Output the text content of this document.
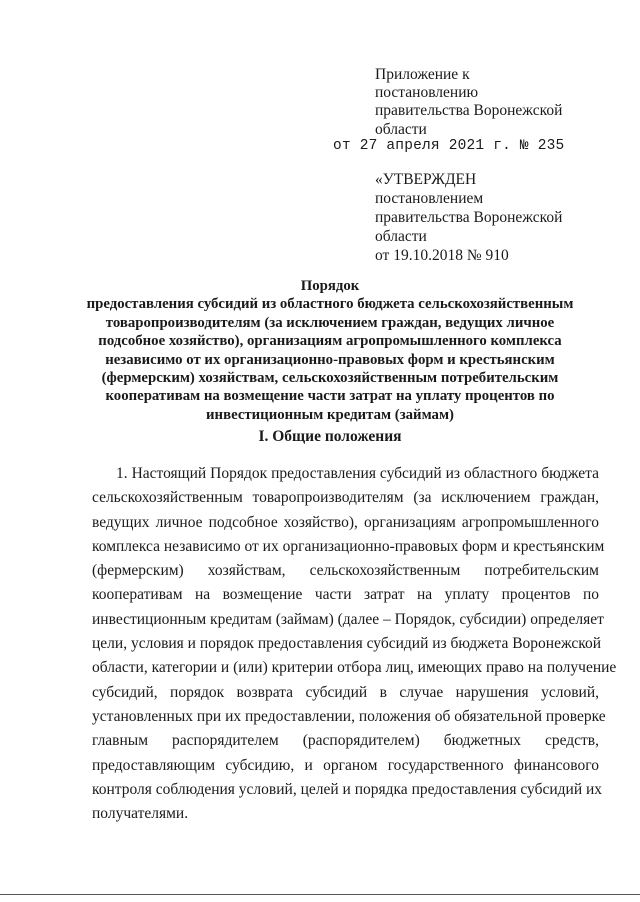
Приложение к
постановлению
правительства Воронежской
области
от 27 апреля 2021 г. № 235
«УТВЕРЖДЕН
постановлением
правительства Воронежской
области
от 19.10.2018 № 910
Порядок
предоставления субсидий из областного бюджета сельскохозяйственным
товаропроизводителям (за исключением граждан, ведущих личное
подсобное хозяйство), организациям агропромышленного комплекса
независимо от их организационно-правовых форм и крестьянским
(фермерским) хозяйствам, сельскохозяйственным потребительским
кооперативам на возмещение части затрат на уплату процентов по
инвестиционным кредитам (займам)
I. Общие положения
1. Настоящий Порядок предоставления субсидий из областного бюджета
сельскохозяйственным товаропроизводителям (за исключением граждан,
ведущих личное подсобное хозяйство), организациям агропромышленного
комплекса независимо от их организационно-правовых форм и крестьянским
(фермерским) хозяйствам, сельскохозяйственным потребительским
кооперативам на возмещение части затрат на уплату процентов по
инвестиционным кредитам (займам) (далее – Порядок, субсидии) определяет
цели, условия и порядок предоставления субсидий из бюджета Воронежской
области, категории и (или) критерии отбора лиц, имеющих право на получение
субсидий, порядок возврата субсидий в случае нарушения условий,
установленных при их предоставлении, положения об обязательной проверке
главным распорядителем (распорядителем) бюджетных средств,
предоставляющим субсидию, и органом государственного финансового
контроля соблюдения условий, целей и порядка предоставления субсидий их
получателями.
